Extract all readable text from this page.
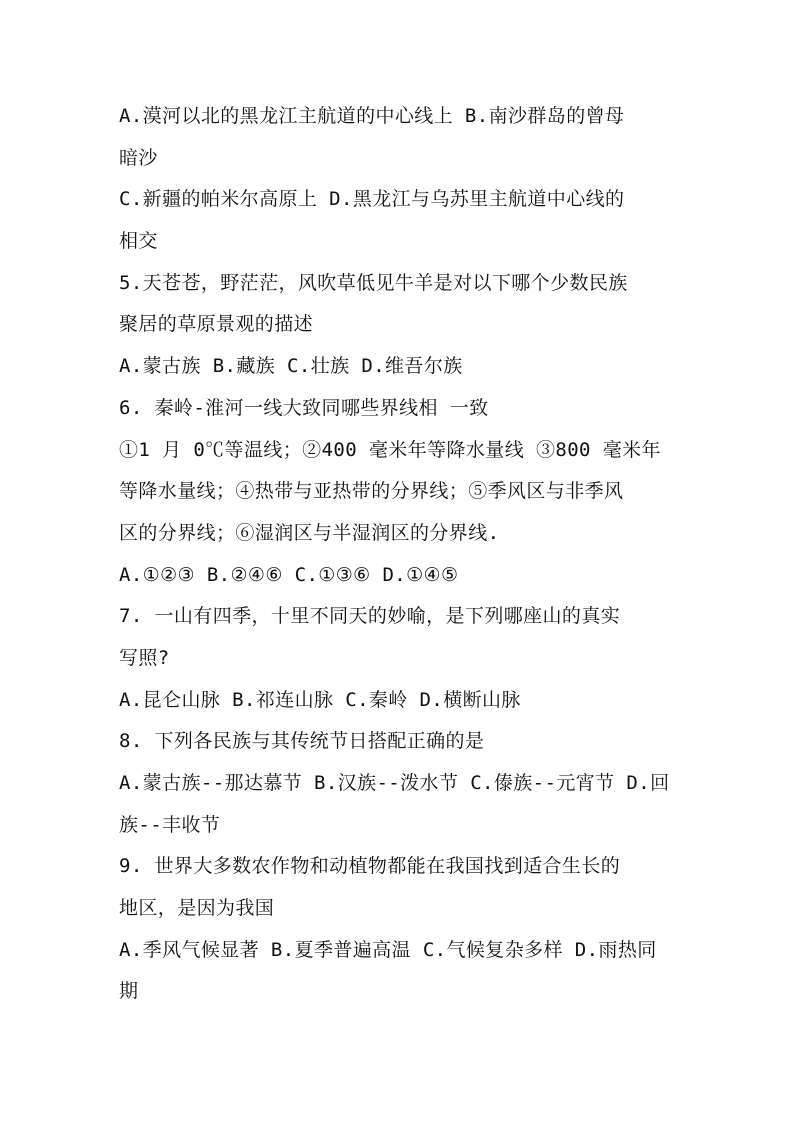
A.漠河以北的黑龙江主航道的中心线上 B.南沙群岛的曾母
暗沙
C.新疆的帕米尔高原上 D.黑龙江与乌苏里主航道中心线的
相交
5.天苍苍，野茫茫，风吹草低见牛羊是对以下哪个少数民族
聚居的草原景观的描述
A.蒙古族 B.藏族 C.壮族 D.维吾尔族
6. 秦岭-淮河一线大致同哪些界线相 一致
①1 月 0℃等温线；②400 毫米年等降水量线 ③800 毫米年
等降水量线；④热带与亚热带的分界线；⑤季风区与非季风
区的分界线；⑥湿润区与半湿润区的分界线.
A.①②③ B.②④⑥ C.①③⑥ D.①④⑤
7. 一山有四季，十里不同天的妙喻，是下列哪座山的真实
写照?
A.昆仑山脉 B.祁连山脉 C.秦岭 D.横断山脉
8. 下列各民族与其传统节日搭配正确的是
A.蒙古族--那达慕节 B.汉族--泼水节 C.傣族--元宵节 D.回
族--丰收节
9. 世界大多数农作物和动植物都能在我国找到适合生长的
地区，是因为我国
A.季风气候显著 B.夏季普遍高温 C.气候复杂多样 D.雨热同
期
